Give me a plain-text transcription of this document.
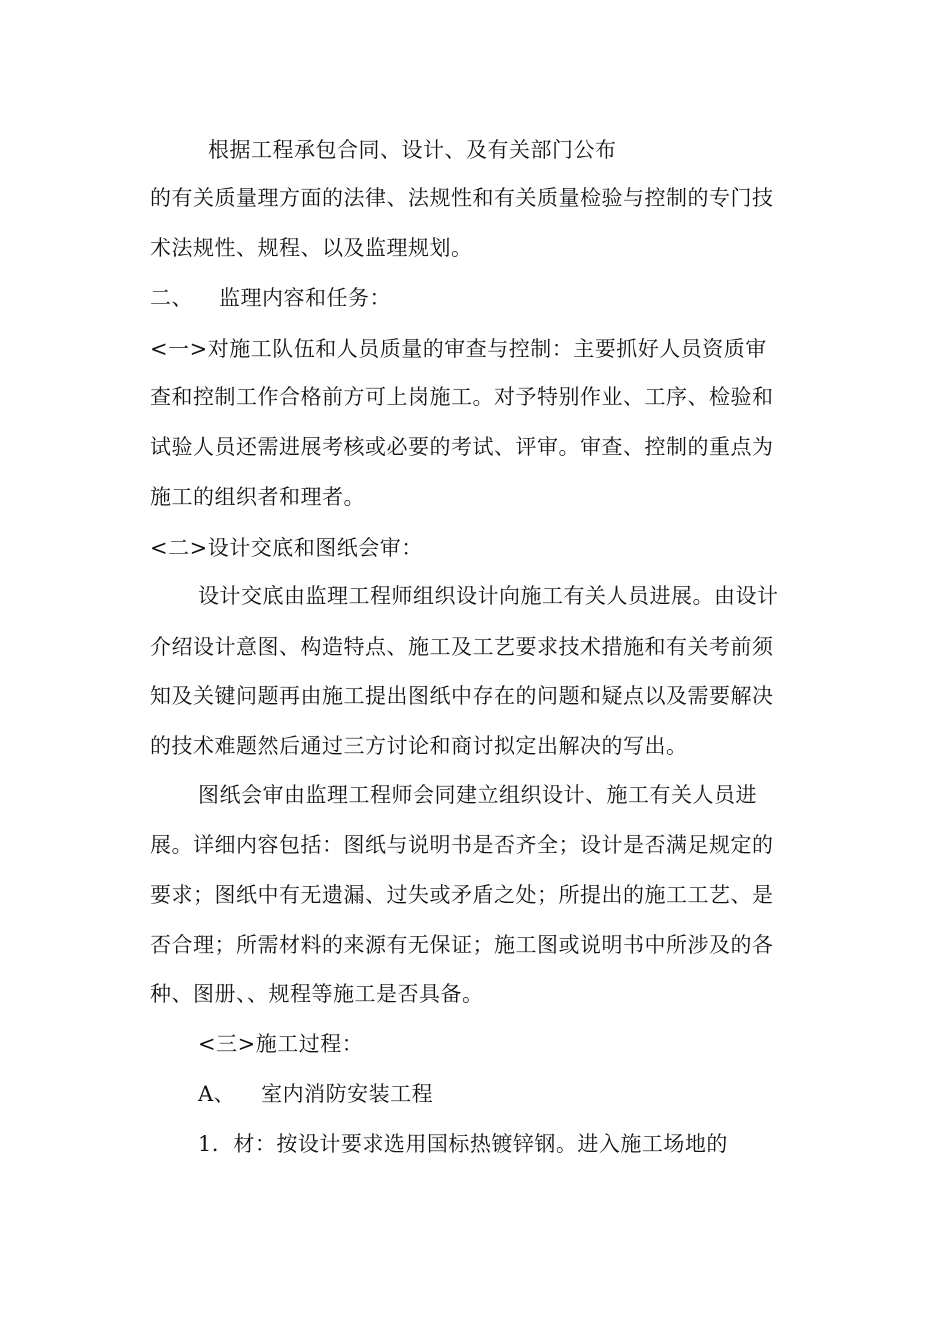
根据工程承包合同、设计、及有关部门公布
的有关质量理方面的法律、法规性和有关质量检验与控制的专门技
术法规性、规程、以及监理规划。
二、 监理内容和任务：
<一>对施工队伍和人员质量的审查与控制：主要抓好人员资质审
查和控制工作合格前方可上岗施工。对予特别作业、工序、检验和
试验人员还需进展考核或必要的考试、评审。审查、控制的重点为
施工的组织者和理者。
<二>设计交底和图纸会审：
设计交底由监理工程师组织设计向施工有关人员进展。由设计
介绍设计意图、构造特点、施工及工艺要求技术措施和有关考前须
知及关键问题再由施工提出图纸中存在的问题和疑点以及需要解决
的技术难题然后通过三方讨论和商讨拟定出解决的写出。
图纸会审由监理工程师会同建立组织设计、施工有关人员进
展。详细内容包括：图纸与说明书是否齐全；设计是否满足规定的
要求；图纸中有无遗漏、过失或矛盾之处；所提出的施工工艺、是
否合理；所需材料的来源有无保证；施工图或说明书中所涉及的各
种、图册、、规程等施工是否具备。
<三>施工过程：
A、 室内消防安装工程
1．材：按设计要求选用国标热镀锌钢。进入施工场地的
